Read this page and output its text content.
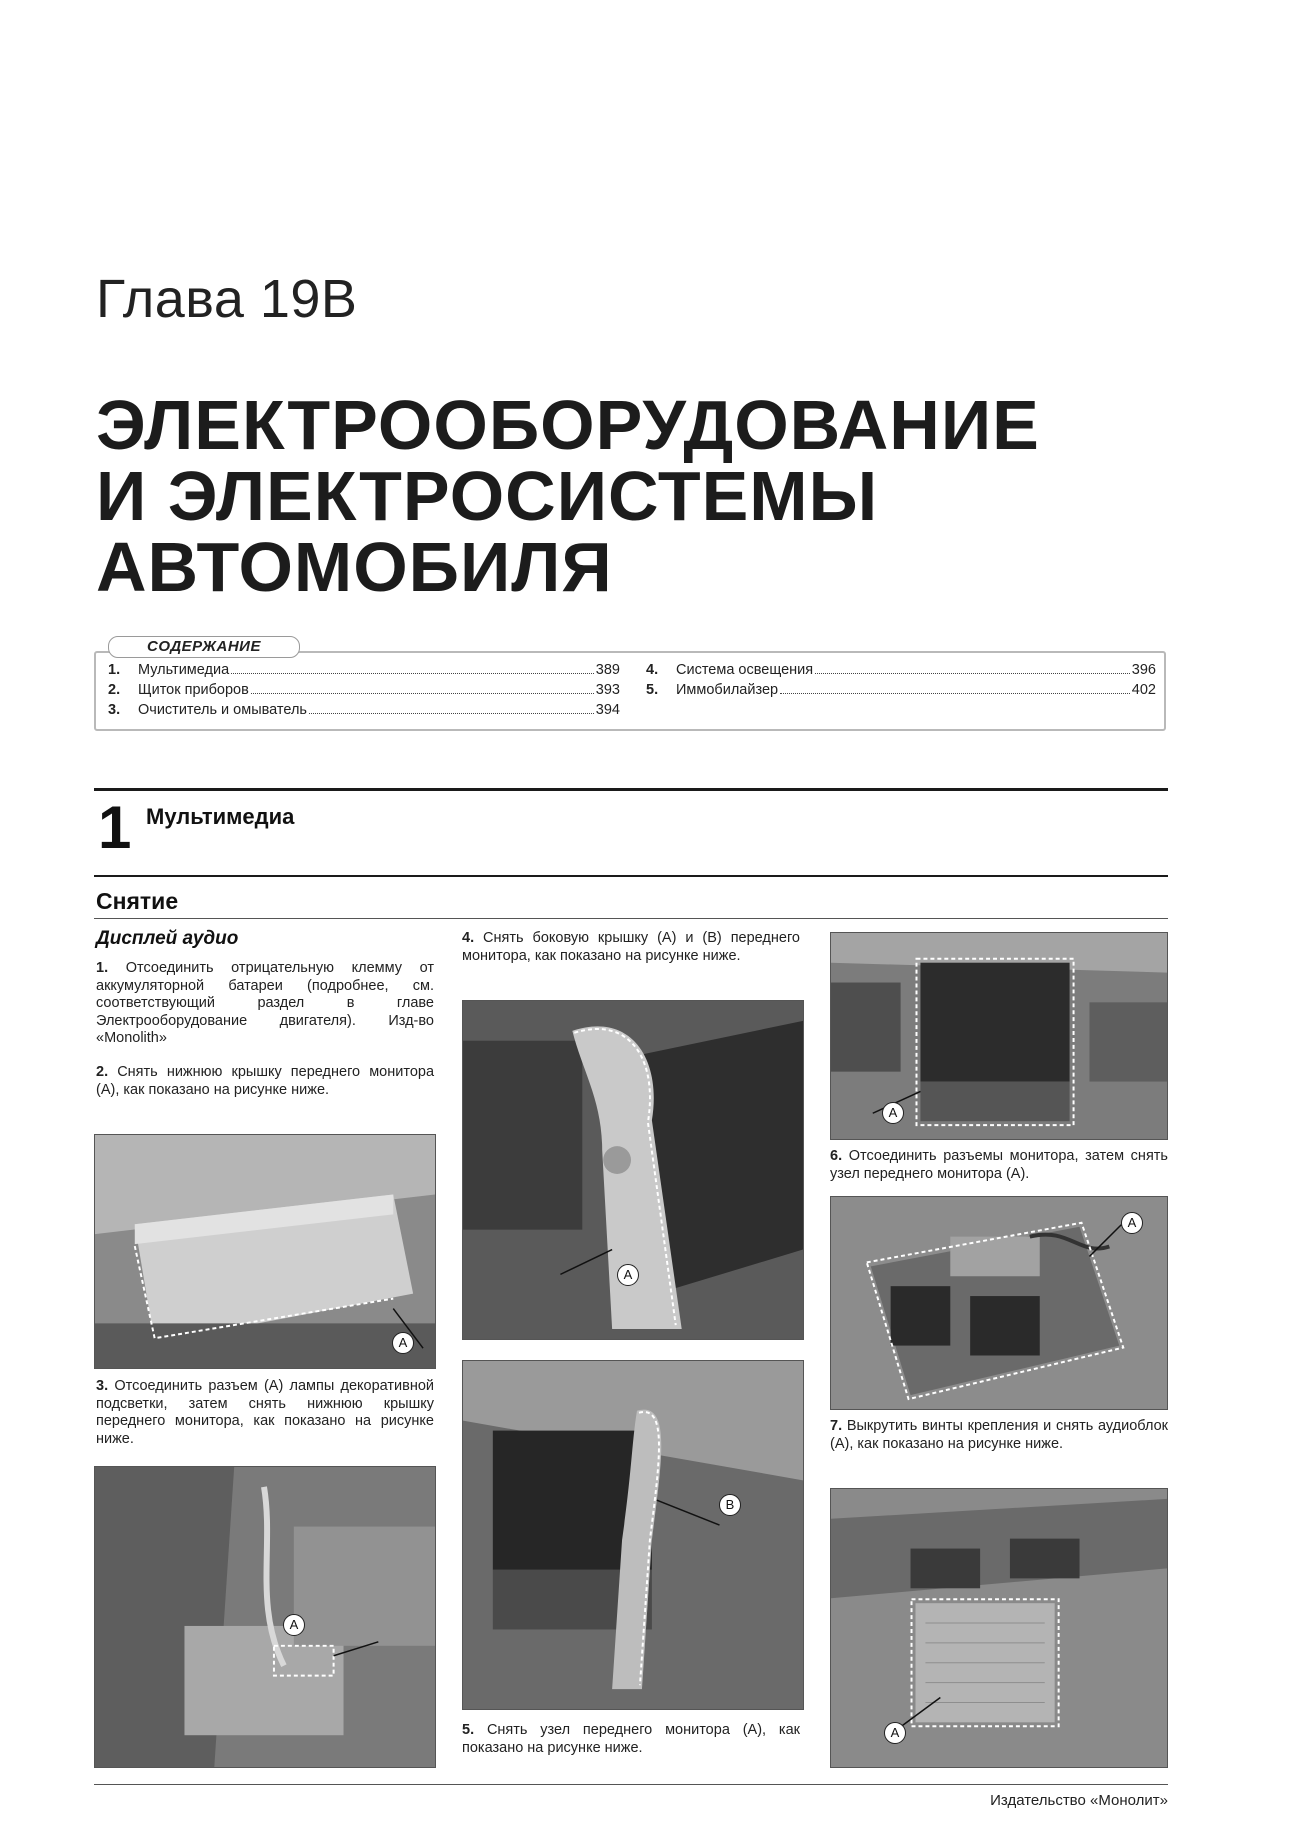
Глава 19В
ЭЛЕКТРООБОРУДОВАНИЕ
И ЭЛЕКТРОСИСТЕМЫ
АВТОМОБИЛЯ
СОДЕРЖАНИЕ
1.	Мультимедиа	389
2.	Щиток приборов	393
3.	Очиститель и омыватель	394
4.	Система освещения	396
5.	Иммобилайзер	402
1 Мультимедиа
Снятие
Дисплей аудио

1. Отсоединить отрицательную клемму от аккумуляторной батареи (подробнее, см. соответствующий раздел в главе Электрооборудование двигателя). Изд-во «Monolith»

2. Снять нижнюю крышку переднего монитора (A), как показано на рисунке ниже.

A

3. Отсоединить разъем (A) лампы декоративной подсветки, затем снять нижнюю крышку переднего монитора, как показано на рисунке ниже.

A

4. Снять боковую крышку (A) и (B) переднего монитора, как показано на рисунке ниже.

A
B

5. Снять узел переднего монитора (A), как показано на рисунке ниже.

A

6. Отсоединить разъемы монитора, затем снять узел переднего монитора (A).

A

7. Выкрутить винты крепления и снять аудиоблок (A), как показано на рисунке ниже.

A
Издательство «Монолит»
